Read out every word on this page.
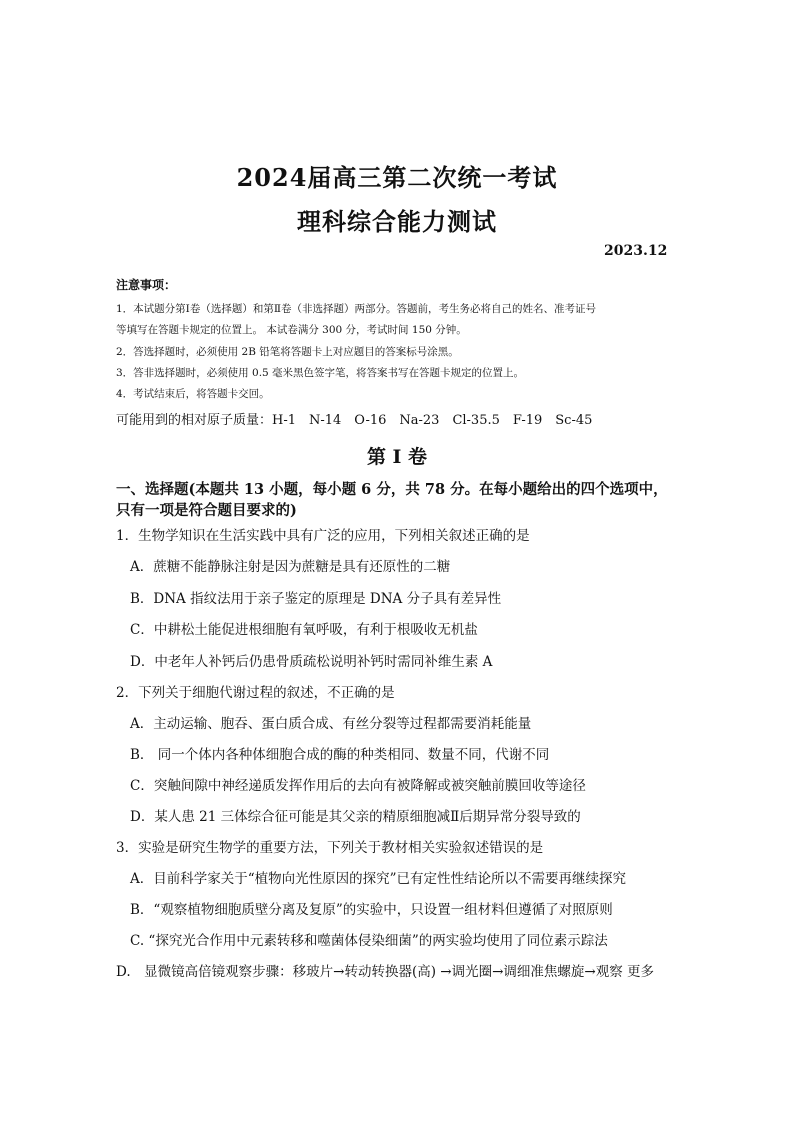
2024届高三第二次统一考试
理科综合能力测试
2023.12
注意事项：
1．本试题分第Ⅰ卷（选择题）和第Ⅱ卷（非选择题）两部分。答题前，考生务必将自己的姓名、准考证号
等填写在答题卡规定的位置上。 本试卷满分 300 分，考试时间 150 分钟。
2．答选择题时，必须使用 2B 铅笔将答题卡上对应题目的答案标号涂黑。
3．答非选择题时，必须使用 0.5 毫米黑色签字笔，将答案书写在答题卡规定的位置上。
4．考试结束后，将答题卡交回。
可能用到的相对原子质量：H-1　N-14　O-16　Na-23　Cl-35.5　F-19　Sc-45
第 Ⅰ 卷
一、选择题(本题共 13 小题，每小题 6 分，共 78 分。在每小题给出的四个选项中，
只有一项是符合题目要求的)
1．生物学知识在生活实践中具有广泛的应用，下列相关叙述正确的是
A．蔗糖不能静脉注射是因为蔗糖是具有还原性的二糖
B．DNA 指纹法用于亲子鉴定的原理是 DNA 分子具有差异性
C．中耕松土能促进根细胞有氧呼吸，有利于根吸收无机盐
D．中老年人补钙后仍患骨质疏松说明补钙时需同补维生素 A
2．下列关于细胞代谢过程的叙述，不正确的是
A．主动运输、胞吞、蛋白质合成、有丝分裂等过程都需要消耗能量
B． 同一个体内各种体细胞合成的酶的种类相同、数量不同，代谢不同
C．突触间隙中神经递质发挥作用后的去向有被降解或被突触前膜回收等途径
D．某人患 21 三体综合征可能是其父亲的精原细胞减Ⅱ后期异常分裂导致的
3．实验是研究生物学的重要方法，下列关于教材相关实验叙述错误的是
A．目前科学家关于“植物向光性原因的探究”已有定性性结论所以不需要再继续探究
B．“观察植物细胞质壁分离及复原”的实验中，只设置一组材料但遵循了对照原则
C. “探究光合作用中元素转移和噬菌体侵染细菌”的两实验均使用了同位素示踪法
D.　显微镜高倍镜观察步骤：移玻片→转动转换器(高) →调光圈→调细准焦螺旋→观察 更多
